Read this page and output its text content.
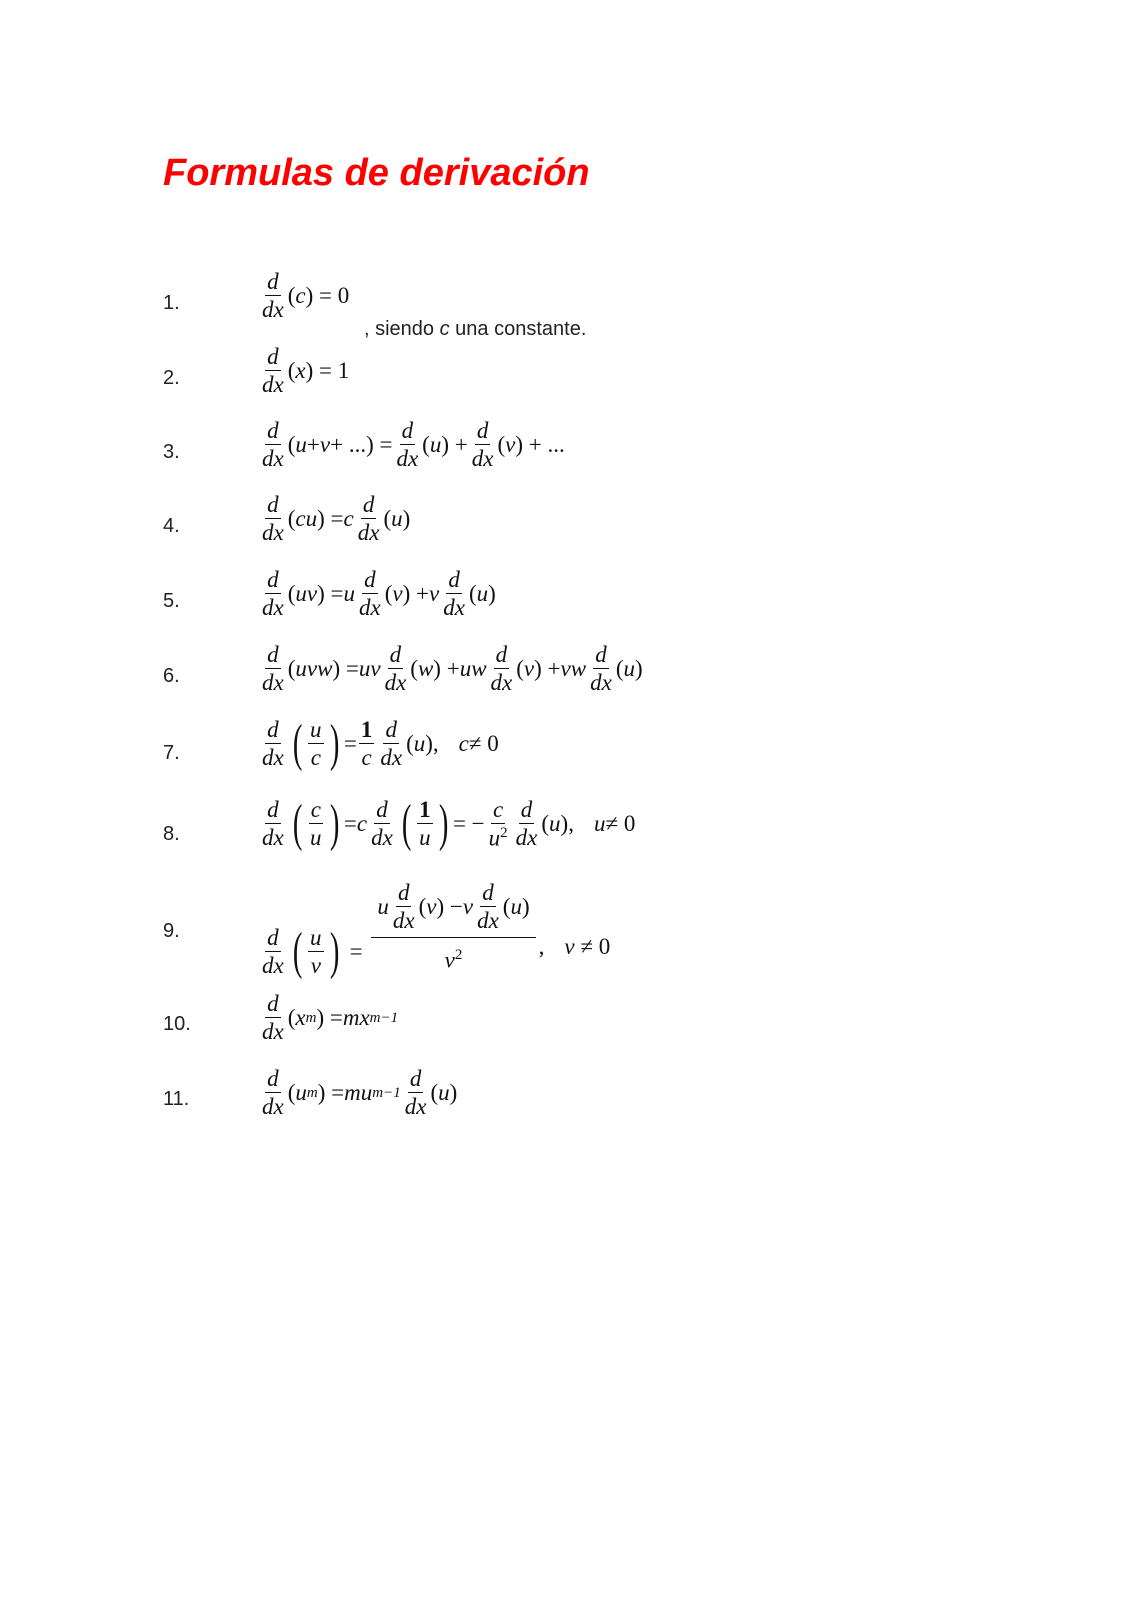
Formulas de derivación
1.	$\frac{d}{dx}$ ( c ) = 0
, siendo c una constante.
2.	$\frac{d}{dx}$ ( x ) = 1
3.	$\frac{d}{dx}$ ( u + v + ...) = $\frac{d}{dx}$ ( u ) + $\frac{d}{dx}$ ( v ) + ...
4.	$\frac{d}{dx}$ ( cu ) = c $\frac{d}{dx}$ ( u )
5.	$\frac{d}{dx}$ ( uv ) = u $\frac{d}{dx}$ ( v ) + v $\frac{d}{dx}$ ( u )
6.	$\frac{d}{dx}$ ( uvw ) = uv $\frac{d}{dx}$ ( w ) + uw $\frac{d}{dx}$ ( v ) + vw $\frac{d}{dx}$ ( u )
7.	$\frac{d}{dx}$ ( $\frac{u}{c}$ ) = $\frac{1}{c} \frac{d}{dx}$ ( u ), c ≠ 0
8.	$\frac{d}{dx}$ ( $\frac{c}{u}$ ) = c $\frac{d}{dx}$ ( $\frac{1}{u}$ ) = − $\frac{c}{u^2} \frac{d}{dx}$ ( u ), u ≠ 0
9.	$\frac{d}{dx}$ ( $\frac{u}{v}$ ) =
u $\frac{d}{dx}$ ( v ) − v $\frac{d}{dx}$ ( u )
$v^2$	, v ≠ 0
10.	$\frac{d}{dx}$ ( x m ) = mx m−1
11.	$\frac{d}{dx}$ ( u m ) = mu $m-1 \frac{d}{dx}$ ( u )
